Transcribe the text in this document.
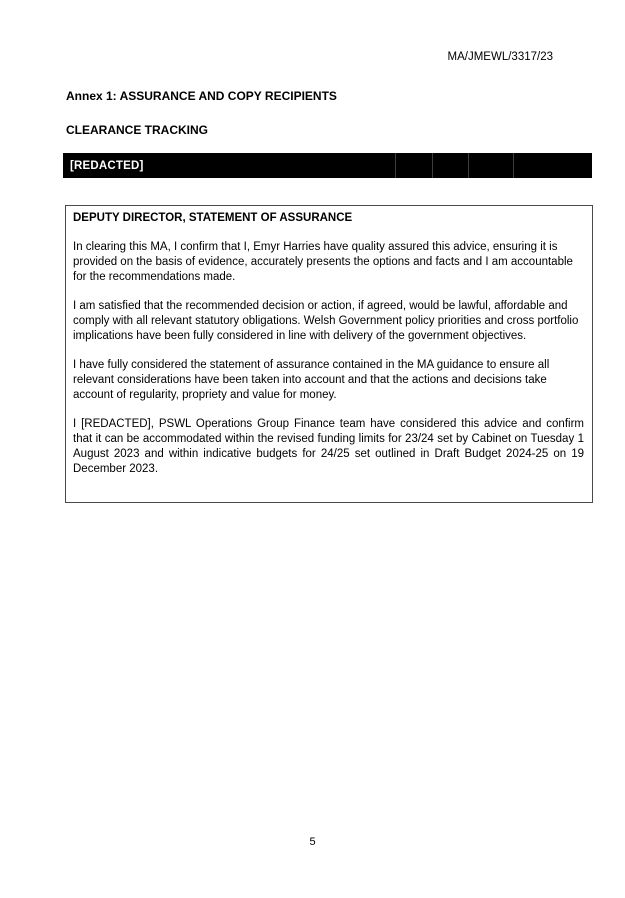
MA/JMEWL/3317/23
Annex 1: ASSURANCE AND COPY RECIPIENTS
CLEARANCE TRACKING
[REDACTED]
DEPUTY DIRECTOR, STATEMENT OF ASSURANCE

In clearing this MA, I confirm that I, Emyr Harries have quality assured this advice, ensuring it is provided on the basis of evidence, accurately presents the options and facts and I am accountable for the recommendations made.

I am satisfied that the recommended decision or action, if agreed, would be lawful, affordable and comply with all relevant statutory obligations. Welsh Government policy priorities and cross portfolio implications have been fully considered in line with delivery of the government objectives.

I have fully considered the statement of assurance contained in the MA guidance to ensure all relevant considerations have been taken into account and that the actions and decisions take account of regularity, propriety and value for money.

I [REDACTED], PSWL Operations Group Finance team have considered this advice and confirm that it can be accommodated within the revised funding limits for 23/24 set by Cabinet on Tuesday 1 August 2023 and within indicative budgets for 24/25 set outlined in Draft Budget 2024-25 on 19 December 2023.

5
